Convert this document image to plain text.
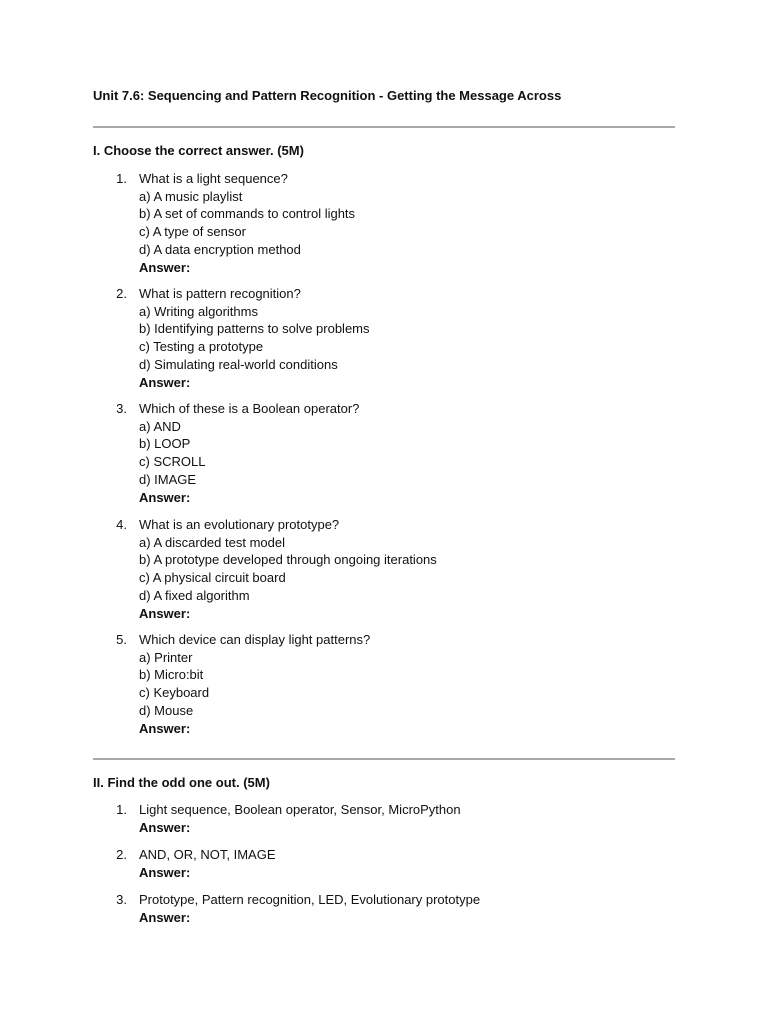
Unit 7.6: Sequencing and Pattern Recognition - Getting the Message Across
I. Choose the correct answer. (5M)
1. What is a light sequence?
a) A music playlist
b) A set of commands to control lights
c) A type of sensor
d) A data encryption method
Answer:
2. What is pattern recognition?
a) Writing algorithms
b) Identifying patterns to solve problems
c) Testing a prototype
d) Simulating real-world conditions
Answer:
3. Which of these is a Boolean operator?
a) AND
b) LOOP
c) SCROLL
d) IMAGE
Answer:
4. What is an evolutionary prototype?
a) A discarded test model
b) A prototype developed through ongoing iterations
c) A physical circuit board
d) A fixed algorithm
Answer:
5. Which device can display light patterns?
a) Printer
b) Micro:bit
c) Keyboard
d) Mouse
Answer:
II. Find the odd one out. (5M)
1. Light sequence, Boolean operator, Sensor, MicroPython
Answer:
2. AND, OR, NOT, IMAGE
Answer:
3. Prototype, Pattern recognition, LED, Evolutionary prototype
Answer:
